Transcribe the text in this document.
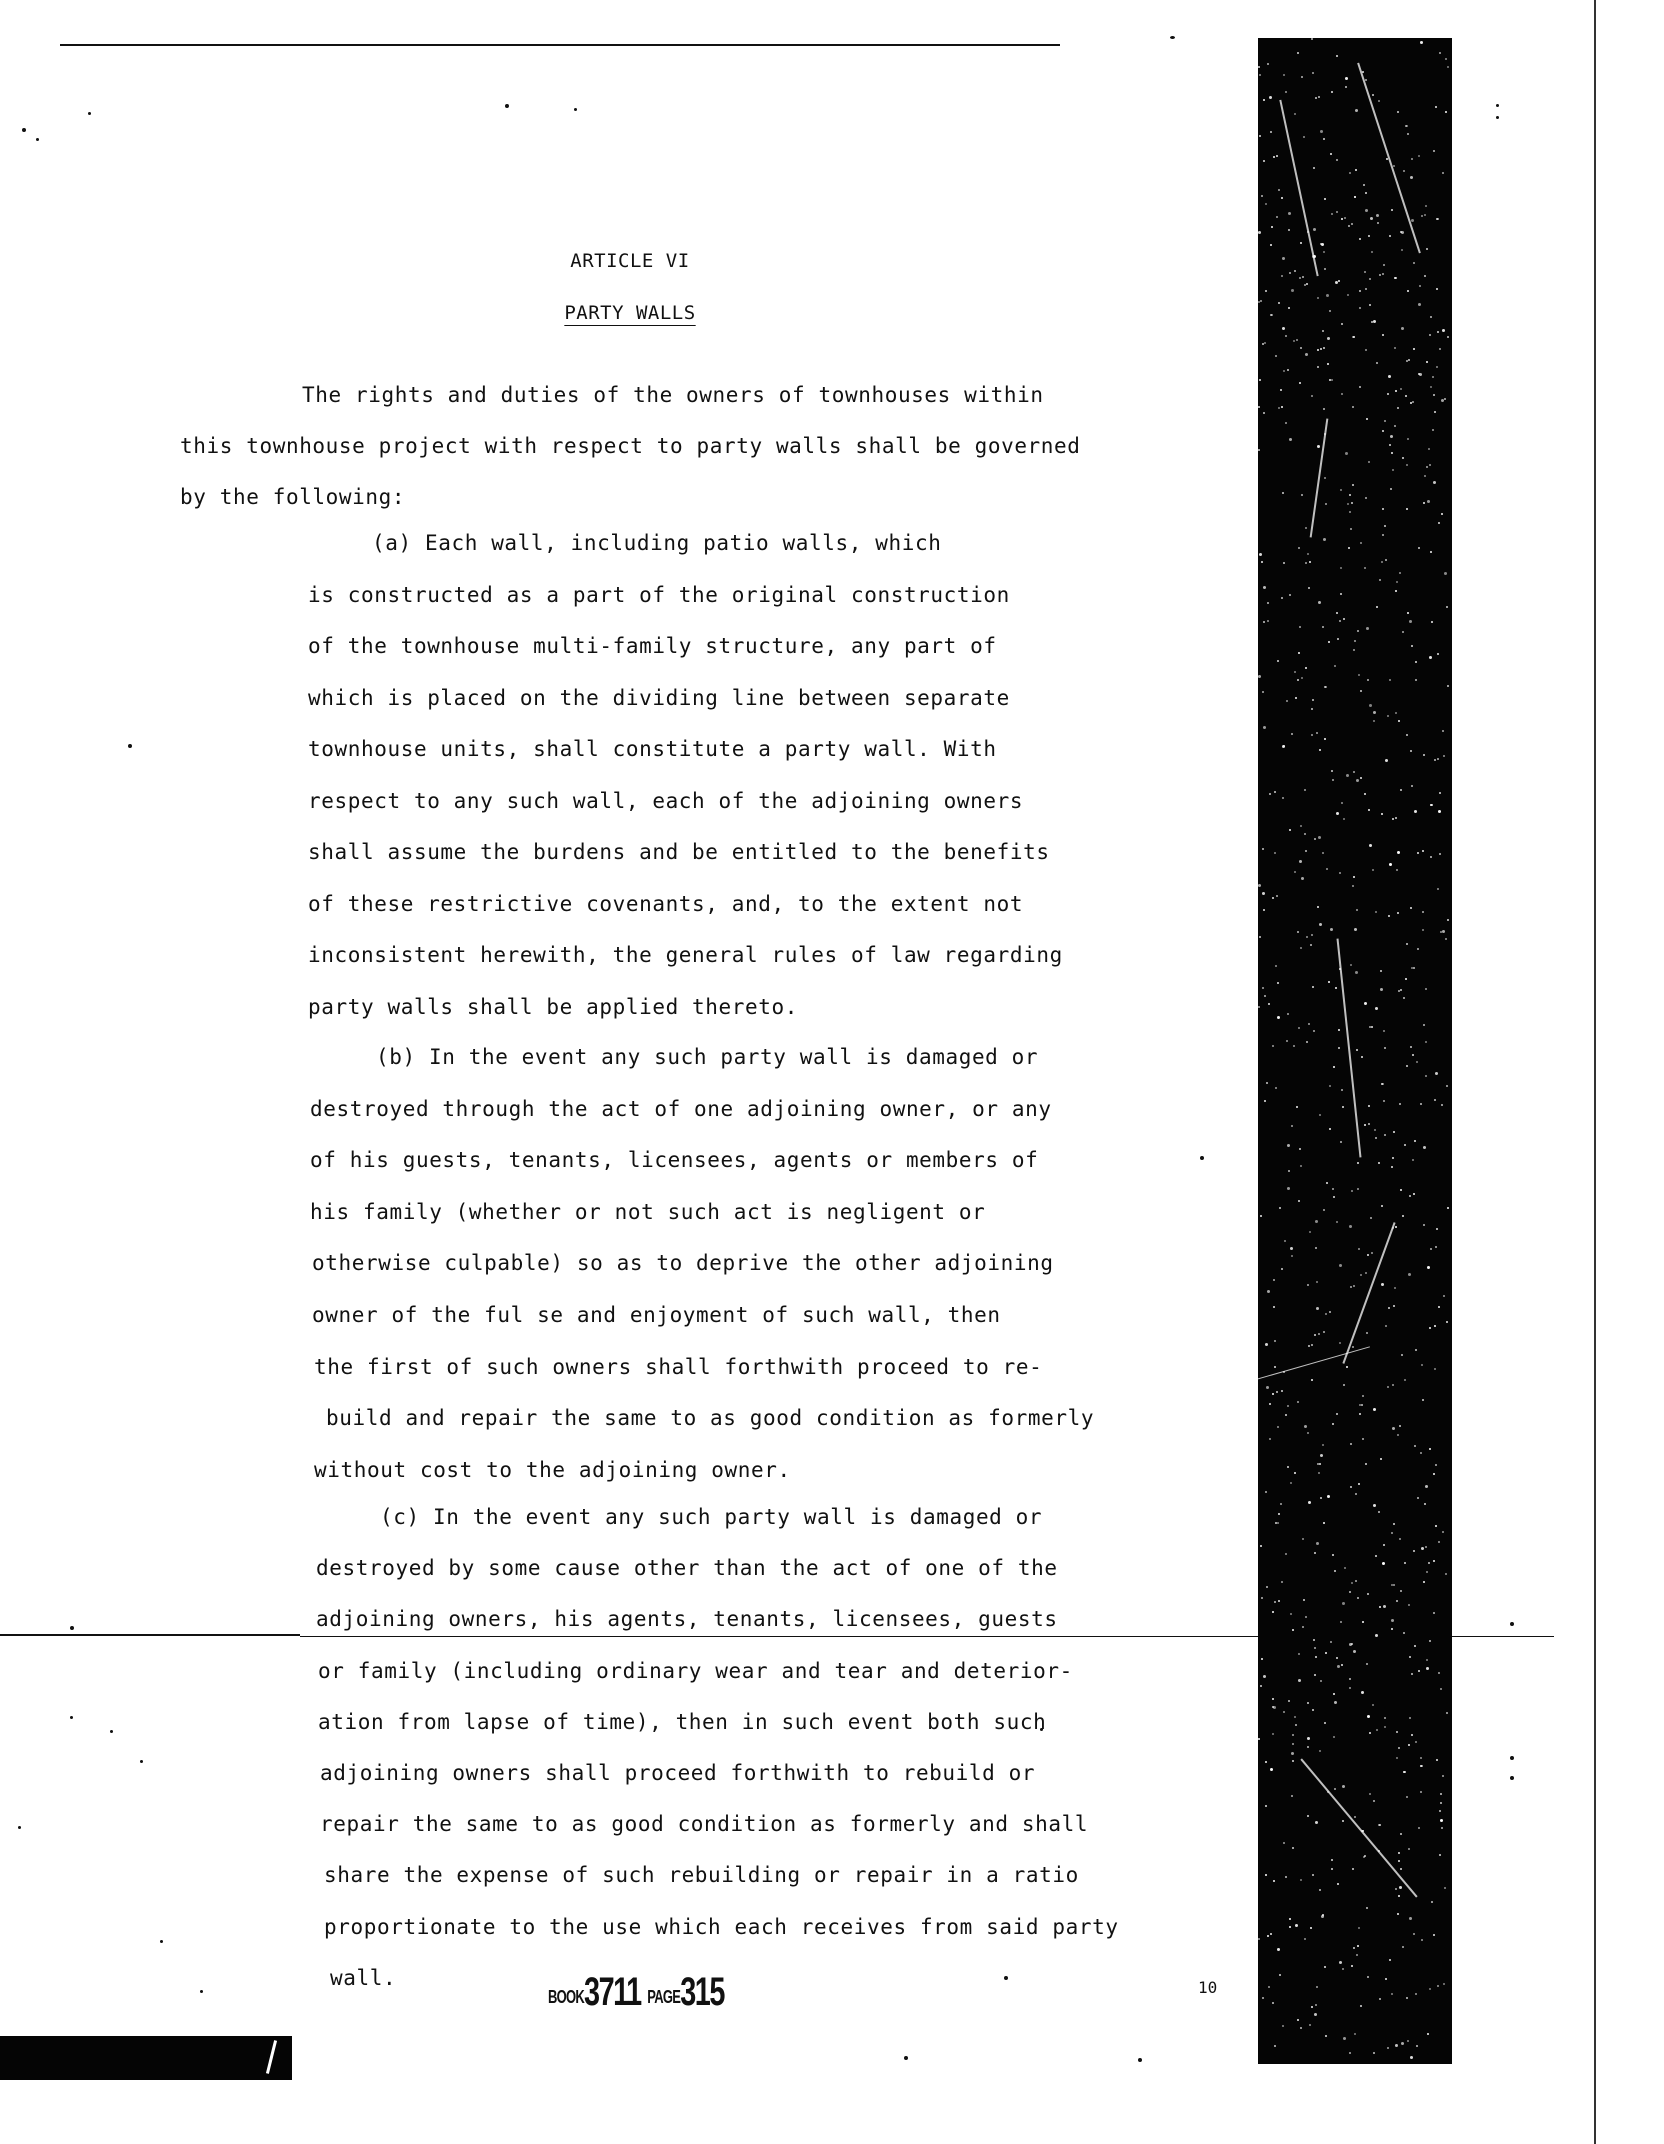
ARTICLE VI
PARTY WALLS
The rights and duties of the owners of townhouses within
this townhouse project with respect to party walls shall be governed
by the following:
(a) Each wall, including patio walls, which
is constructed as a part of the original construction
of the townhouse multi-family structure, any part of
which is placed on the dividing line between separate
townhouse units, shall constitute a party wall. With
respect to any such wall, each of the adjoining owners
shall assume the burdens and be entitled to the benefits
of these restrictive covenants, and, to the extent not
inconsistent herewith, the general rules of law regarding
party walls shall be applied thereto.
(b) In the event any such party wall is damaged or
destroyed through the act of one adjoining owner, or any
of his guests, tenants, licensees, agents or members of
his family (whether or not such act is negligent or
otherwise culpable) so as to deprive the other adjoining
owner of the ful se and enjoyment of such wall, then
the first of such owners shall forthwith proceed to re-
build and repair the same to as good condition as formerly
without cost to the adjoining owner.
(c) In the event any such party wall is damaged or
destroyed by some cause other than the act of one of the
adjoining owners, his agents, tenants, licensees, guests
or family (including ordinary wear and tear and deterior-
ation from lapse of time), then in such event both such
adjoining owners shall proceed forthwith to rebuild or
repair the same to as good condition as formerly and shall
share the expense of such rebuilding or repair in a ratio
proportionate to the use which each receives from said party
wall.
BOOK3711 PAGE315	10
